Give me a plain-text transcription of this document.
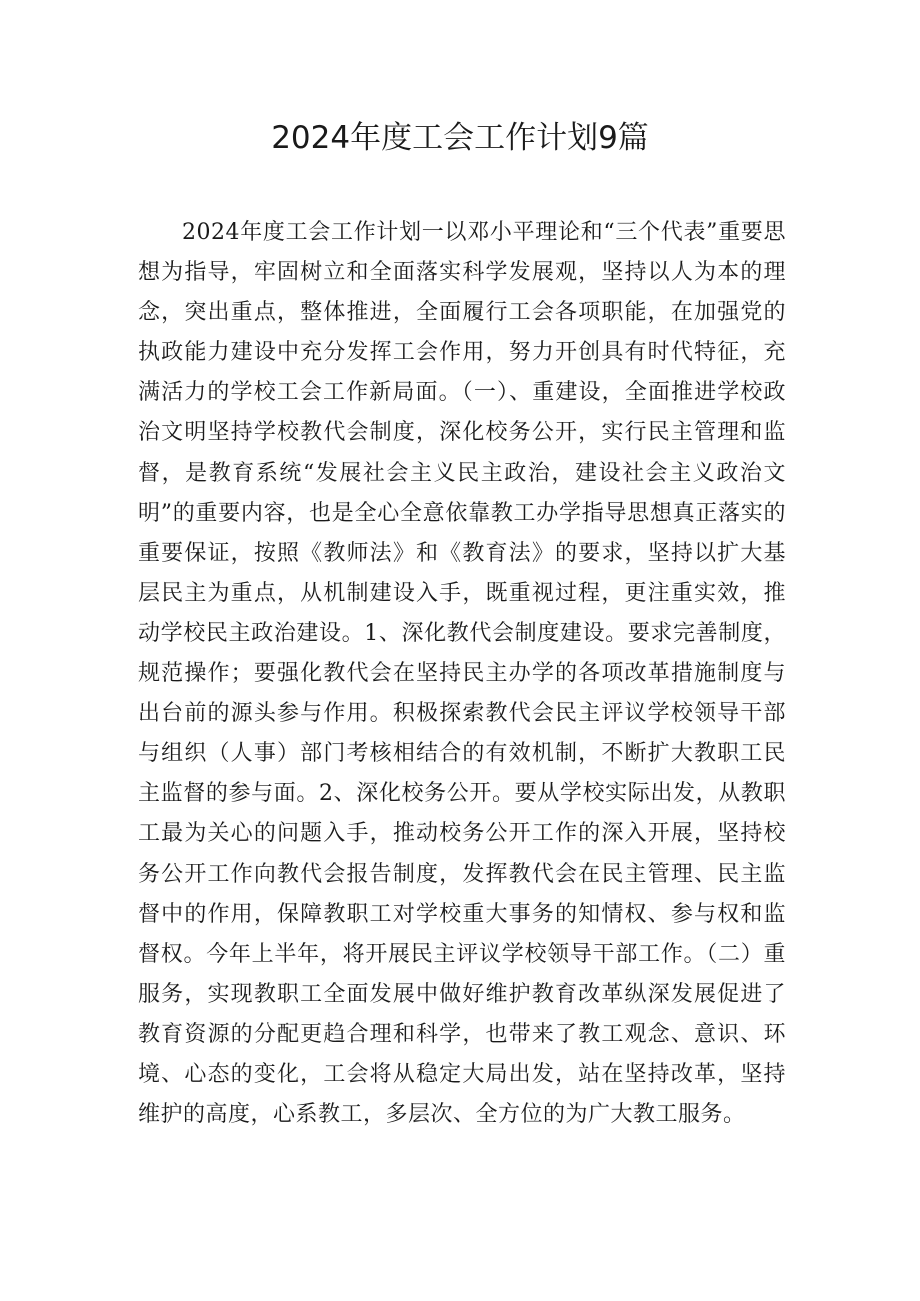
2024年度工会工作计划9篇

2024年度工会工作计划一以邓小平理论和“三个代表”重要思想为指导，牢固树立和全面落实科学发展观，坚持以人为本的理念，突出重点，整体推进，全面履行工会各项职能，在加强党的执政能力建设中充分发挥工会作用，努力开创具有时代特征，充满活力的学校工会工作新局面。（一）、重建设，全面推进学校政治文明坚持学校教代会制度，深化校务公开，实行民主管理和监督，是教育系统“发展社会主义民主政治，建设社会主义政治文明”的重要内容，也是全心全意依靠教工办学指导思想真正落实的重要保证，按照《教师法》和《教育法》的要求，坚持以扩大基层民主为重点，从机制建设入手，既重视过程，更注重实效，推动学校民主政治建设。1、深化教代会制度建设。要求完善制度，规范操作；要强化教代会在坚持民主办学的各项改革措施制度与出台前的源头参与作用。积极探索教代会民主评议学校领导干部与组织（人事）部门考核相结合的有效机制，不断扩大教职工民主监督的参与面。2、深化校务公开。要从学校实际出发，从教职工最为关心的问题入手，推动校务公开工作的深入开展，坚持校务公开工作向教代会报告制度，发挥教代会在民主管理、民主监督中的作用，保障教职工对学校重大事务的知情权、参与权和监督权。今年上半年，将开展民主评议学校领导干部工作。（二）重服务，实现教职工全面发展中做好维护教育改革纵深发展促进了教育资源的分配更趋合理和科学，也带来了教工观念、意识、环境、心态的变化，工会将从稳定大局出发，站在坚持改革，坚持维护的高度，心系教工，多层次、全方位的为广大教工服务。
